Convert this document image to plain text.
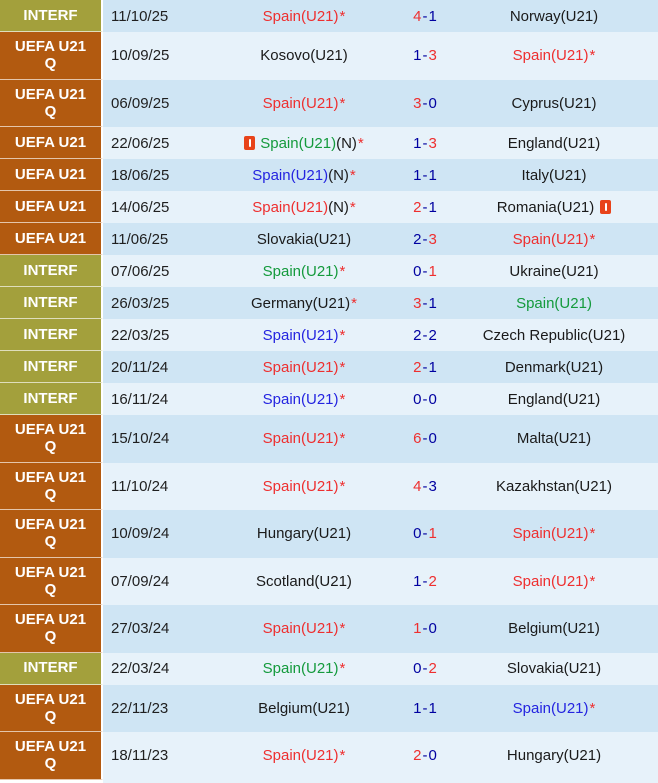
INTERF	11/10/25	Spain(U21) *	4 - 1	Norway(U21)
UEFA U21 Q	10/09/25	Kosovo(U21)	1 - 3	Spain(U21) *
UEFA U21 Q	06/09/25	Spain(U21) *	3 - 0	Cyprus(U21)
UEFA U21	22/06/25	Spain(U21) (N) *	1 - 3	England(U21)
UEFA U21	18/06/25	Spain(U21) (N) *	1 - 1	Italy(U21)
UEFA U21	14/06/25	Spain(U21) (N) *	2 - 1	Romania(U21)
UEFA U21	11/06/25	Slovakia(U21)	2 - 3	Spain(U21) *
INTERF	07/06/25	Spain(U21) *	0 - 1	Ukraine(U21)
INTERF	26/03/25	Germany(U21) *	3 - 1	Spain(U21)
INTERF	22/03/25	Spain(U21) *	2 - 2	Czech Republic(U21)
INTERF	20/11/24	Spain(U21) *	2 - 1	Denmark(U21)
INTERF	16/11/24	Spain(U21) *	0 - 0	England(U21)
UEFA U21 Q	15/10/24	Spain(U21) *	6 - 0	Malta(U21)
UEFA U21 Q	11/10/24	Spain(U21) *	4 - 3	Kazakhstan(U21)
UEFA U21 Q	10/09/24	Hungary(U21)	0 - 1	Spain(U21) *
UEFA U21 Q	07/09/24	Scotland(U21)	1 - 2	Spain(U21) *
UEFA U21 Q	27/03/24	Spain(U21) *	1 - 0	Belgium(U21)
INTERF	22/03/24	Spain(U21) *	0 - 2	Slovakia(U21)
UEFA U21 Q	22/11/23	Belgium(U21)	1 - 1	Spain(U21) *
UEFA U21 Q	18/11/23	Spain(U21) *	2 - 0	Hungary(U21)
